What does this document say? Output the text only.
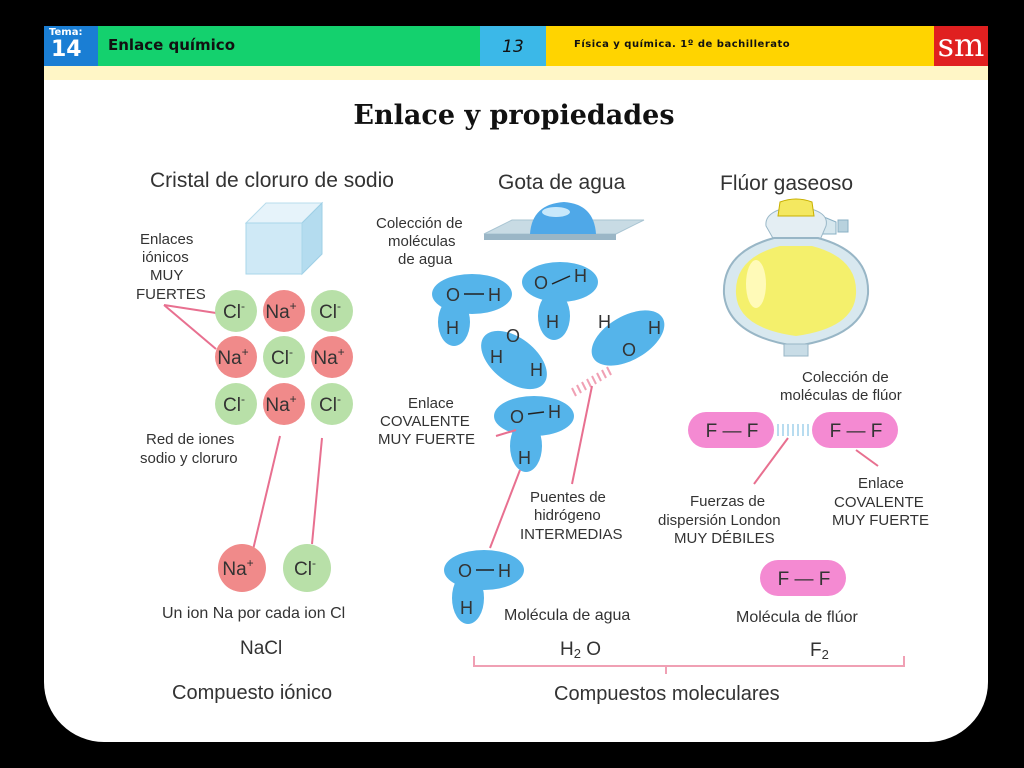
Tema:
14 Enlace químico	13	Física y química. 1º de bachillerato	sm
Enlace y propiedades
Cristal de cloruro de sodio	Gota de agua	Flúor gaseoso
Enlaces iónicos MUY FUERTES
Cl- Na+ Cl-
Na+ Cl- Na+
Cl- Na+ Cl-
Red de iones sodio y cloruro
Na+ Cl-
Un ion Na por cada ion Cl
NaCl
Compuesto iónico
Colección de moléculas de agua
O H
H
O H
H
H
O
H
H
O
H
O H
H
O H
H
Enlace COVALENTE MUY FUERTE
Puentes de hidrógeno INTERMEDIAS
Molécula de agua
H2 O
Colección de moléculas de flúor
F — F	F — F
Fuerzas de dispersión London MUY DÉBILES
Enlace COVALENTE MUY FUERTE
F — F
Molécula de flúor
F2
Compuestos moleculares
